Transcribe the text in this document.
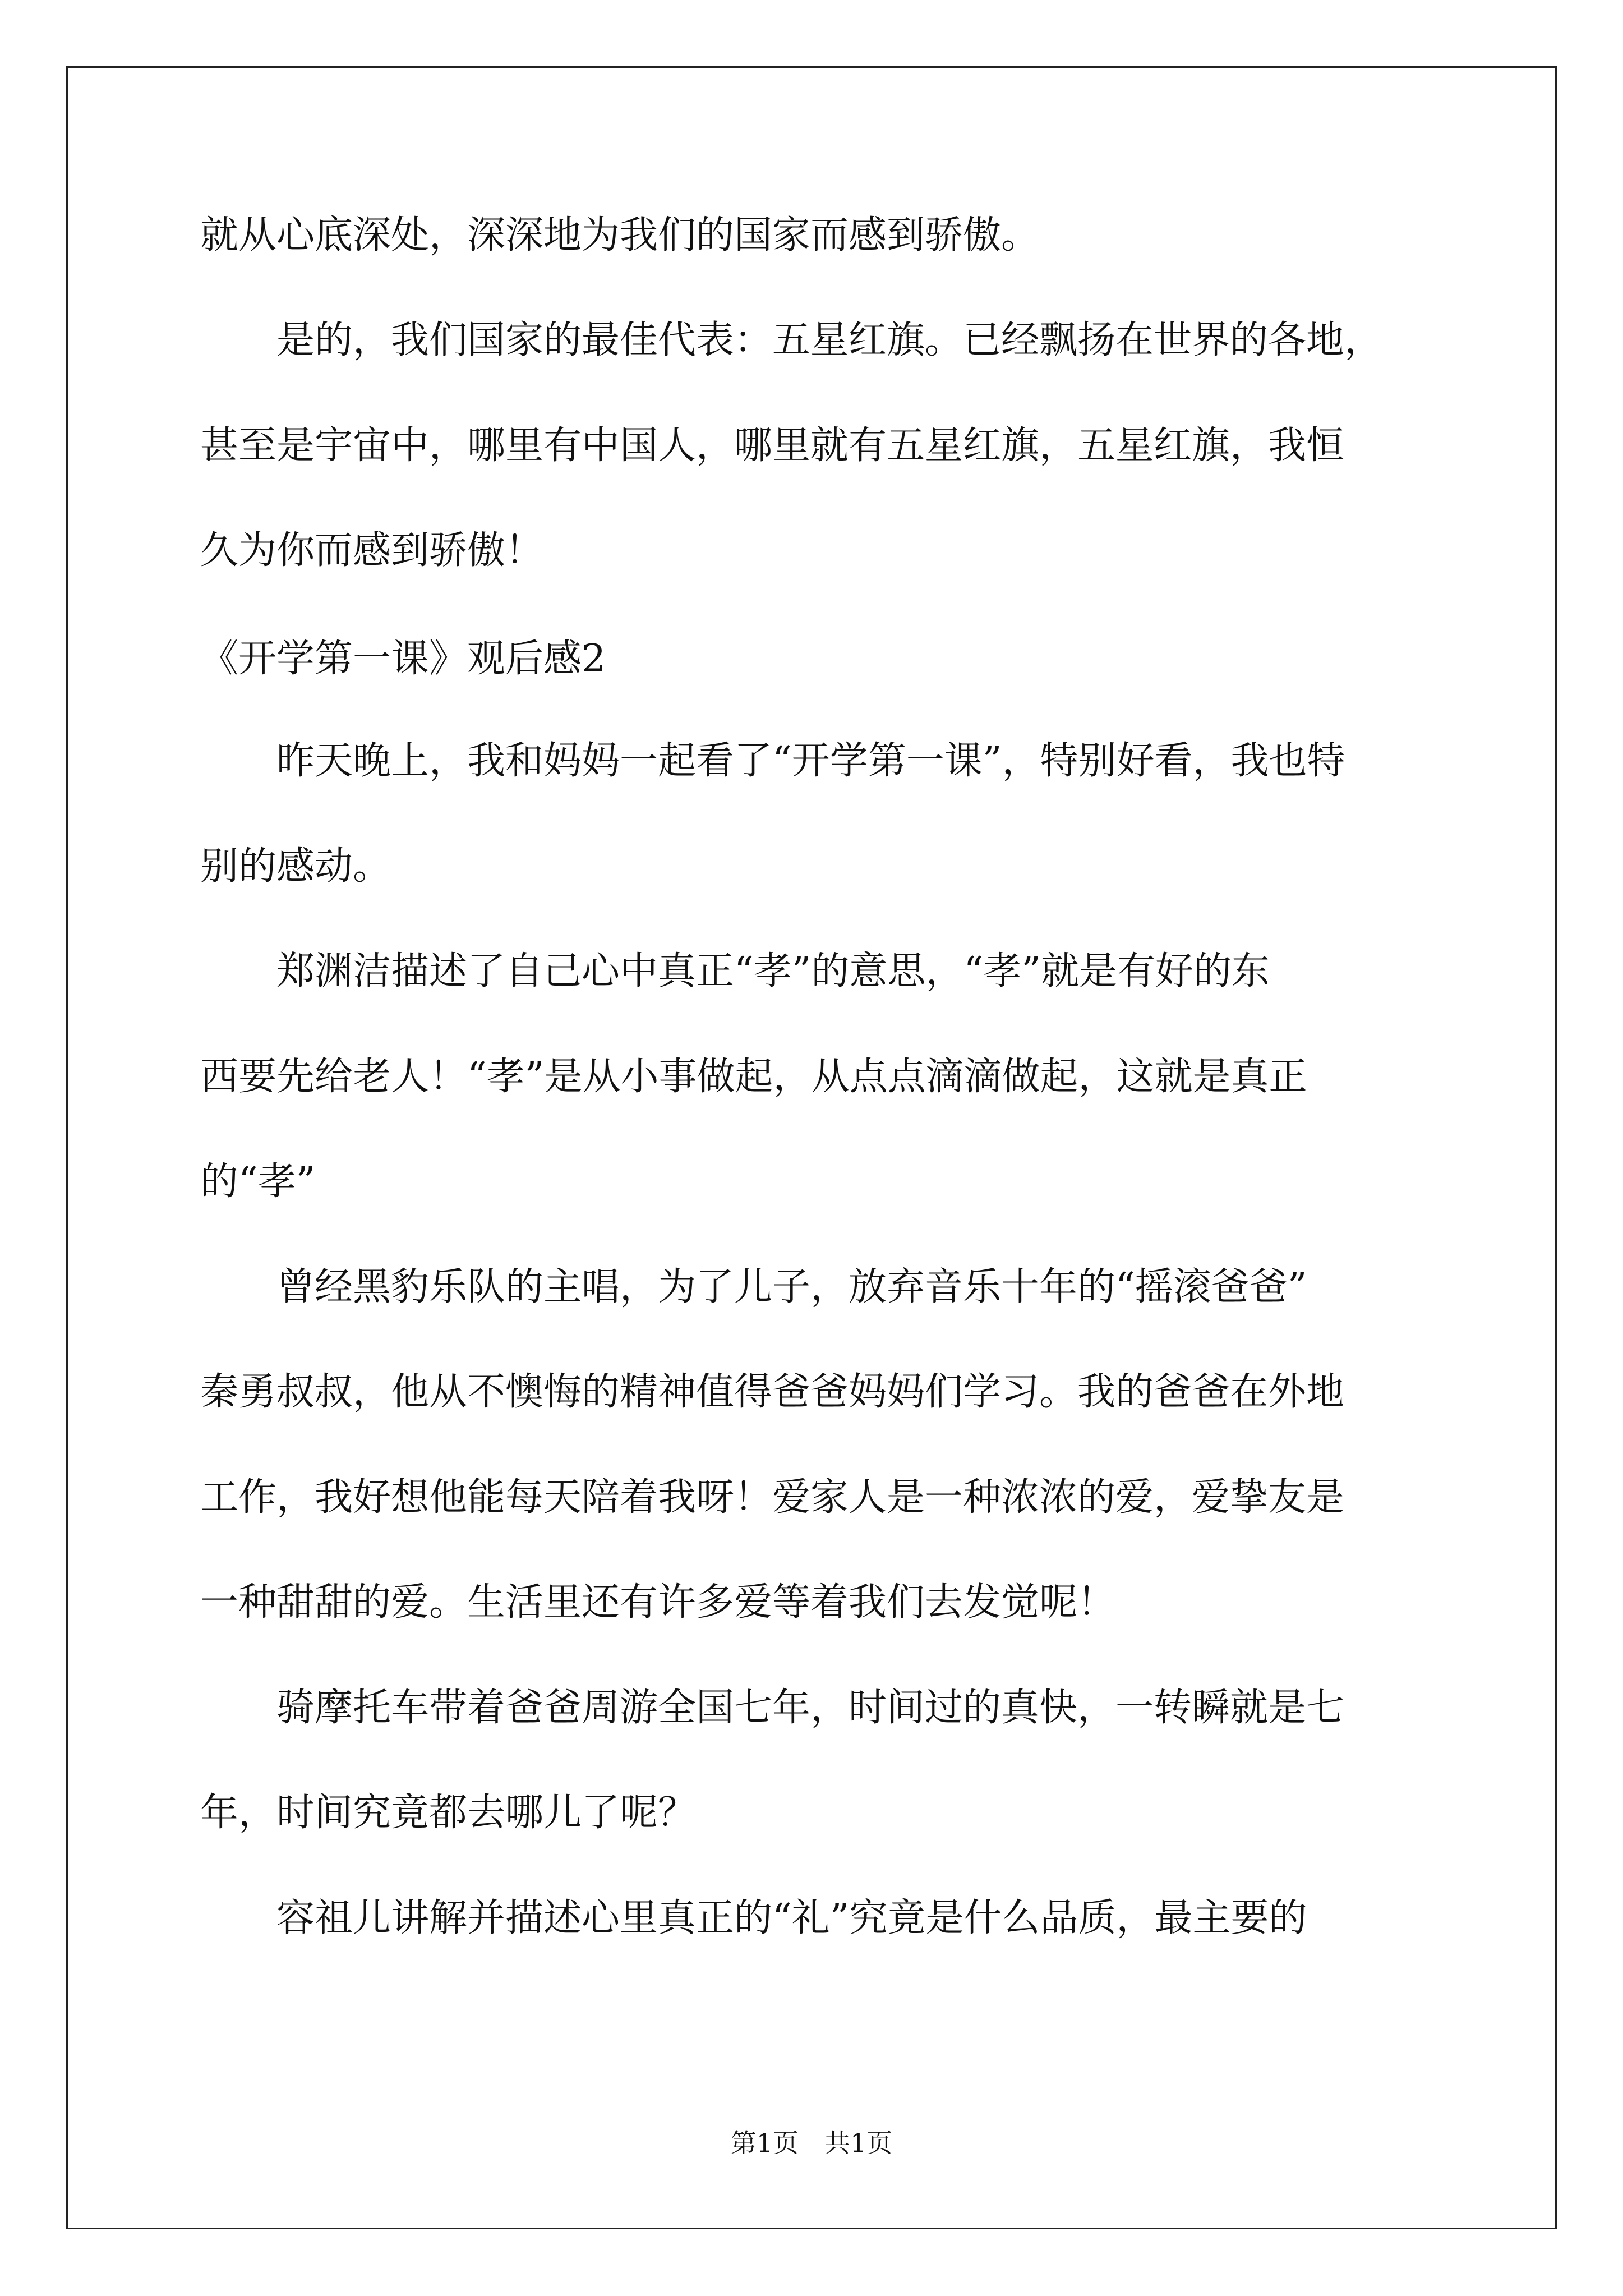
就从心底深处，深深地为我们的国家而感到骄傲。
　　是的，我们国家的最佳代表：五星红旗。已经飘扬在世界的各地，
甚至是宇宙中，哪里有中国人，哪里就有五星红旗，五星红旗，我恒
久为你而感到骄傲！
《开学第一课》观后感2
　　昨天晚上，我和妈妈一起看了“开学第一课”，特别好看，我也特
别的感动。
　　郑渊洁描述了自己心中真正“孝”的意思，“孝”就是有好的东
西要先给老人！“孝”是从小事做起，从点点滴滴做起，这就是真正
的“孝”
　　曾经黑豹乐队的主唱，为了儿子，放弃音乐十年的“摇滚爸爸”
秦勇叔叔，他从不懊悔的精神值得爸爸妈妈们学习。我的爸爸在外地
工作，我好想他能每天陪着我呀！爱家人是一种浓浓的爱，爱挚友是
一种甜甜的爱。生活里还有许多爱等着我们去发觉呢！
　　骑摩托车带着爸爸周游全国七年，时间过的真快，一转瞬就是七
年，时间究竟都去哪儿了呢？
　　容祖儿讲解并描述心里真正的“礼”究竟是什么品质，最主要的
第1页　共1页
